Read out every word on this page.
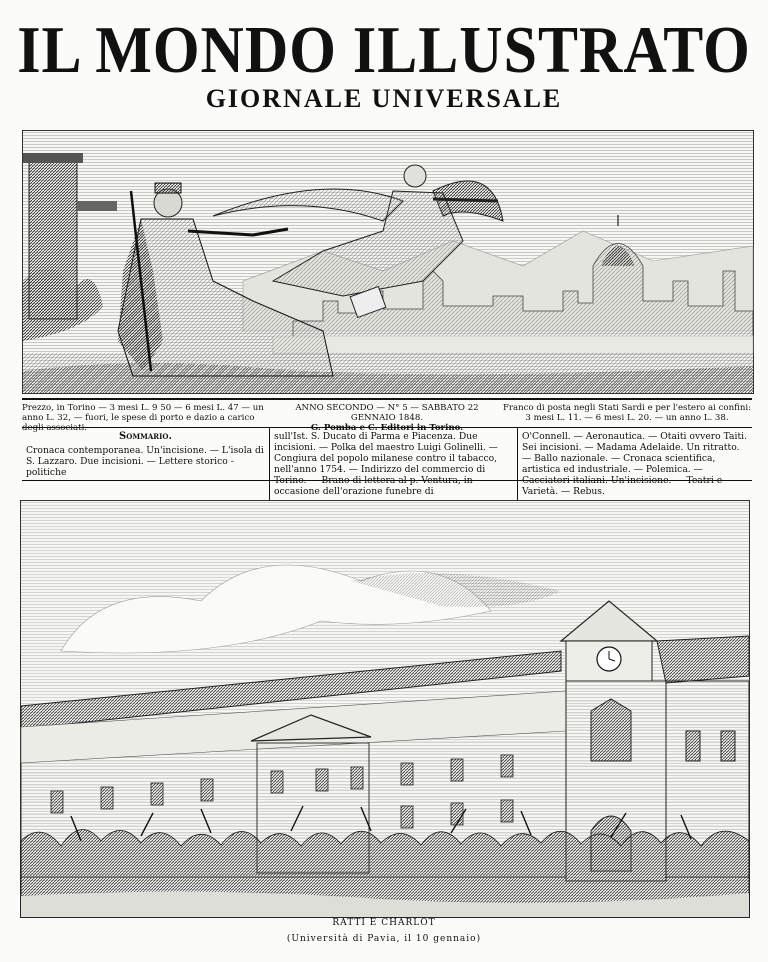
IL MONDO ILLUSTRATO
GIORNALE UNIVERSALE
Prezzo, in Torino — 3 mesi L. 9 50 — 6 mesi L. 47 — un anno L. 32, — fuori, le spese di porto e dazio a carico degli associati.
ANNO SECONDO — N° 5 — SABBATO 22 GENNAIO 1848.
G. Pomba e C. Editori in Torino.
Franco di posta negli Stati Sardi e per l'estero ai confini: 3 mesi L. 11. — 6 mesi L. 20. — un anno L. 38.
Sommario.
Cronaca contemporanea. Un'incisione. — L'isola di S. Lazzaro. Due incisioni. — Lettere storico - politiche
sull'Ist. S. Ducato di Parma e Piacenza. Due incisioni. — Polka del maestro Luigi Golinelli. — Congiura del popolo milanese contro il tabacco, nell'anno 1754. — Indirizzo del commercio di Torino. — Brano di lettera al p. Ventura, in occasione dell'orazione funebre di
O'Connell. — Aeronautica. — Otaiti ovvero Taiti. Sei incisioni. — Madama Adelaide. Un ritratto. — Ballo nazionale. — Cronaca scientifica, artistica ed industriale. — Polemica. — Cacciatori italiani. Un'incisione. — Teatri e Varietà. — Rebus.
RATTI E CHARLOT
(Università di Pavia, il 10 gennaio)
